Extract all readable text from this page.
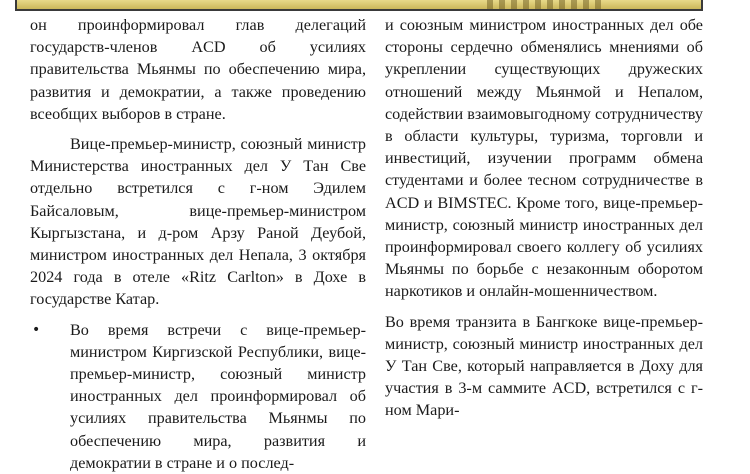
он проинформировал глав делегаций государств-членов ACD об усилиях правительства Мьянмы по обеспечению мира, развития и демократии, а также проведению всеобщих выборов в стране.

Вице-премьер-министр, союзный министр Министерства иностранных дел У Тан Све отдельно встретился с г-ном Эдилем Байсаловым, вице-премьер-министром Кыргызстана, и д-ром Арзу Раной Деубой, министром иностранных дел Непала, 3 октября 2024 года в отеле «Ritz Carlton» в Дохе в государстве Катар.

•	Во время встречи с вице-премьер-министром Киргизской Республики, вице-премьер-министр, союзный министр иностранных дел проинформировал об усилиях правительства Мьянмы по обеспечению мира, развития и демократии в стране и о послед-

и союзным министром иностранных дел обе стороны сердечно обменялись мнениями об укреплении существующих дружеских отношений между Мьянмой и Непалом, содействии взаимовыгодному сотрудничеству в области культуры, туризма, торговли и инвестиций, изучении программ обмена студентами и более тесном сотрудничестве в ACD и BIMSTEC. Кроме того, вице-премьер-министр, союзный министр иностранных дел проинформировал своего коллегу об усилиях Мьянмы по борьбе с незаконным оборотом наркотиков и онлайн-мошенничеством.

Во время транзита в Бангкоке вице-премьер-министр, союзный министр иностранных дел У Тан Све, который направляется в Доху для участия в 3-м саммите ACD, встретился с г-ном Мари-
